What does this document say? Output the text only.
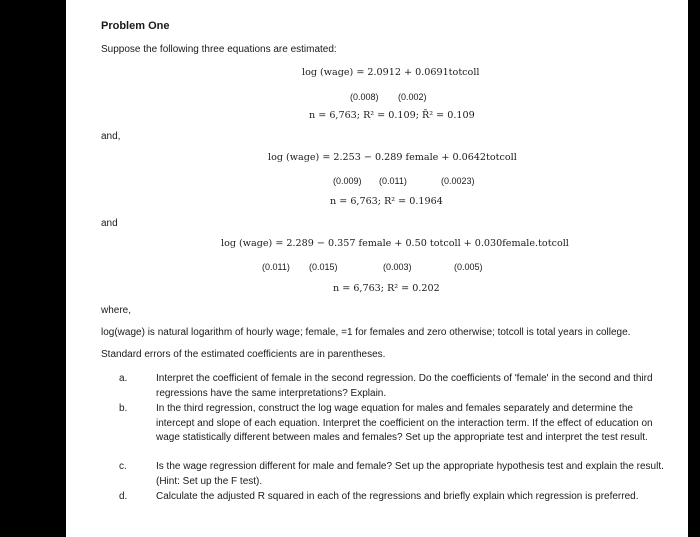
Problem One
Suppose the following three equations are estimated:
log (wage) = 2.0912 + 0.0691totcoll
(0.008) (0.002)
n = 6,763; R² = 0.109; R̄² = 0.109
and,
log (wage) = 2.253 − 0.289 female + 0.0642totcoll
(0.009) (0.011)	(0.0023)
n = 6,763; R² = 0.1964
and
log (wage) = 2.289 − 0.357 female + 0.50 totcoll + 0.030female.totcoll
(0.011) (0.015)	(0.003)	(0.005)
n = 6,763; R² = 0.202
where,
log(wage) is natural logarithm of hourly wage; female, =1 for females and zero otherwise; totcoll is total years in college.
Standard errors of the estimated coefficients are in parentheses.
a.	Interpret the coefficient of female in the second regression. Do the coefficients of 'female' in the second and third regressions have the same interpretations? Explain.
b.	In the third regression, construct the log wage equation for males and females separately and determine the intercept and slope of each equation. Interpret the coefficient on the interaction term. If the effect of education on wage statistically different between males and females? Set up the appropriate test and interpret the test result.
c.	Is the wage regression different for male and female? Set up the appropriate hypothesis test and explain the result. (Hint: Set up the F test).
d.	Calculate the adjusted R squared in each of the regressions and briefly explain which regression is preferred.
